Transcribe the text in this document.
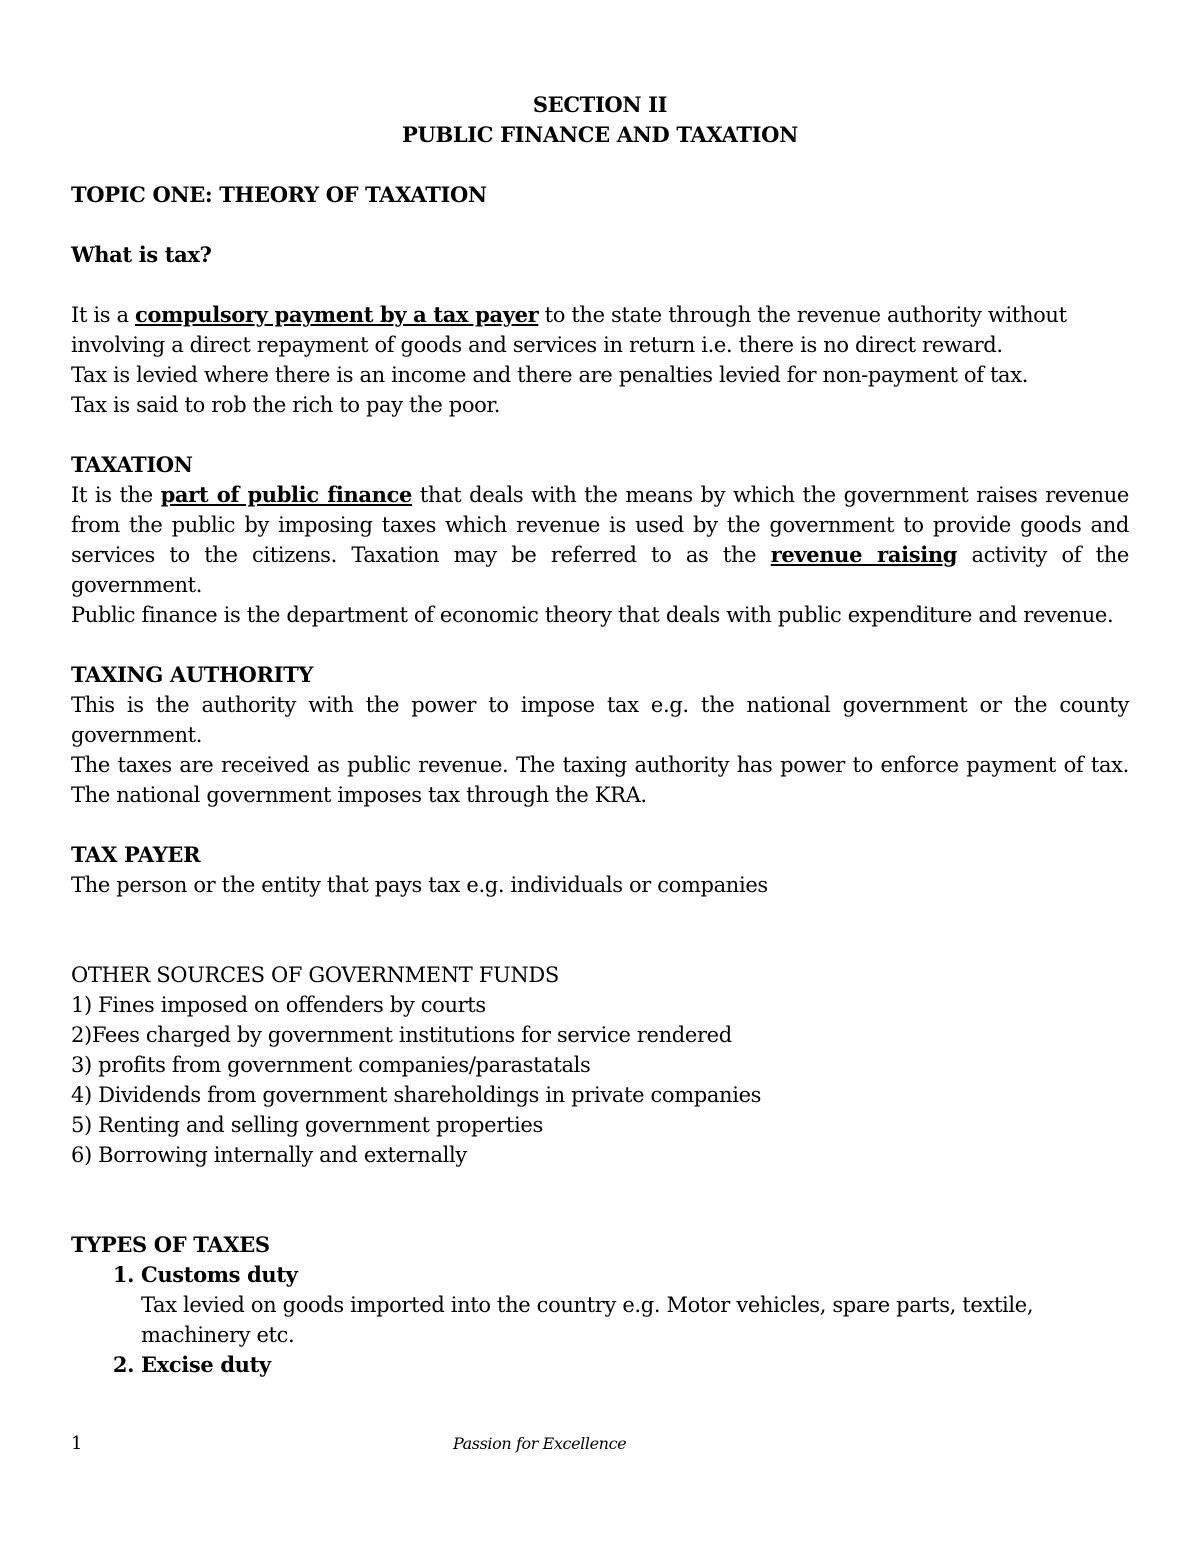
SECTION II

PUBLIC FINANCE AND TAXATION

TOPIC ONE: THEORY OF TAXATION

What is tax?

It is a compulsory payment by a tax payer to the state through the revenue authority without involving a direct repayment of goods and services in return i.e. there is no direct reward.

Tax is levied where there is an income and there are penalties levied for non-payment of tax.

Tax is said to rob the rich to pay the poor.

TAXATION

It is the part of public finance that deals with the means by which the government raises revenue from the public by imposing taxes which revenue is used by the government to provide goods and services to the citizens. Taxation may be referred to as the revenue raising activity of the government.

Public finance is the department of economic theory that deals with public expenditure and revenue.

TAXING AUTHORITY

This is the authority with the power to impose tax e.g. the national government or the county government.

The taxes are received as public revenue. The taxing authority has power to enforce payment of tax. The national government imposes tax through the KRA.

TAX PAYER

The person or the entity that pays tax e.g. individuals or companies

OTHER SOURCES OF GOVERNMENT FUNDS

1) Fines imposed on offenders by courts

2)Fees charged by government institutions for service rendered

3) profits from government companies/parastatals

4) Dividends from government shareholdings in private companies

5) Renting and selling government properties

6) Borrowing internally and externally

TYPES OF TAXES

1. Customs duty

Tax levied on goods imported into the country e.g. Motor vehicles, spare parts, textile, machinery etc.

2. Excise duty

1	Passion for Excellence
